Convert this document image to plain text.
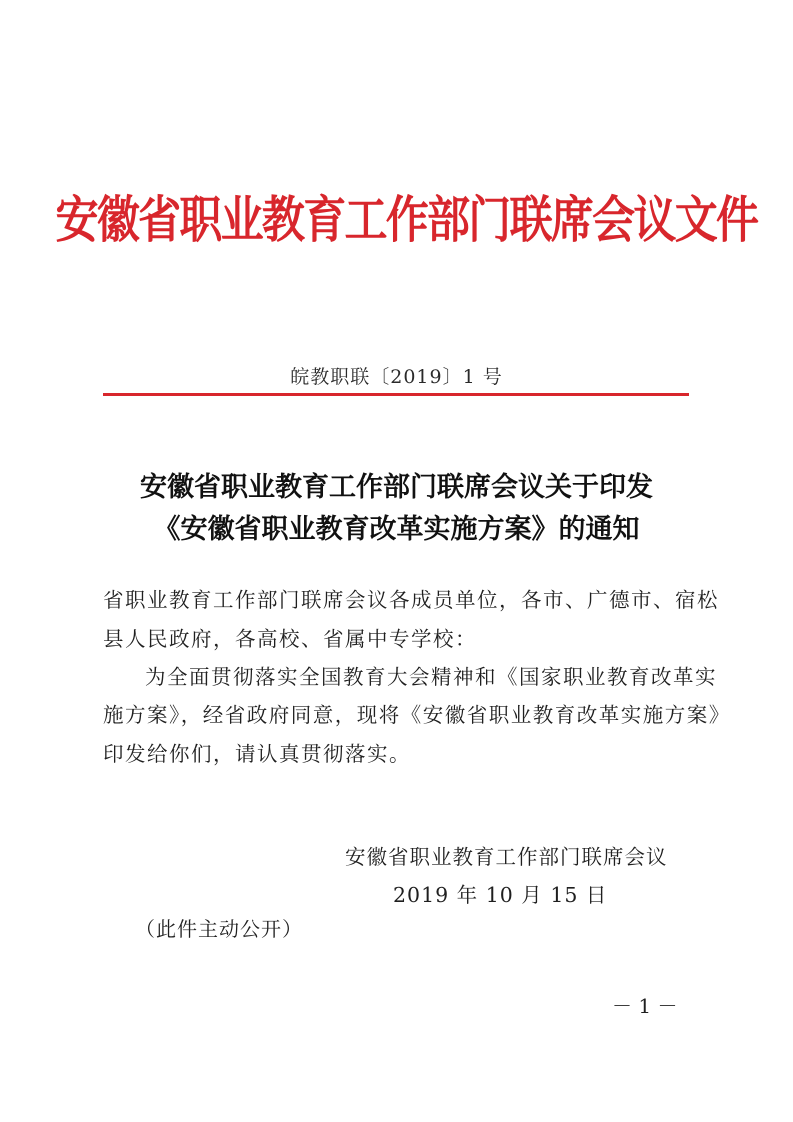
安徽省职业教育工作部门联席会议文件
皖教职联〔2019〕1 号
安徽省职业教育工作部门联席会议关于印发
《安徽省职业教育改革实施方案》的通知
省职业教育工作部门联席会议各成员单位，各市、广德市、宿松
县人民政府，各高校、省属中专学校：
为全面贯彻落实全国教育大会精神和《国家职业教育改革实
施方案》，经省政府同意，现将《安徽省职业教育改革实施方案》
印发给你们，请认真贯彻落实。
安徽省职业教育工作部门联席会议
2019 年 10 月 15 日
（此件主动公开）
－ 1 －
